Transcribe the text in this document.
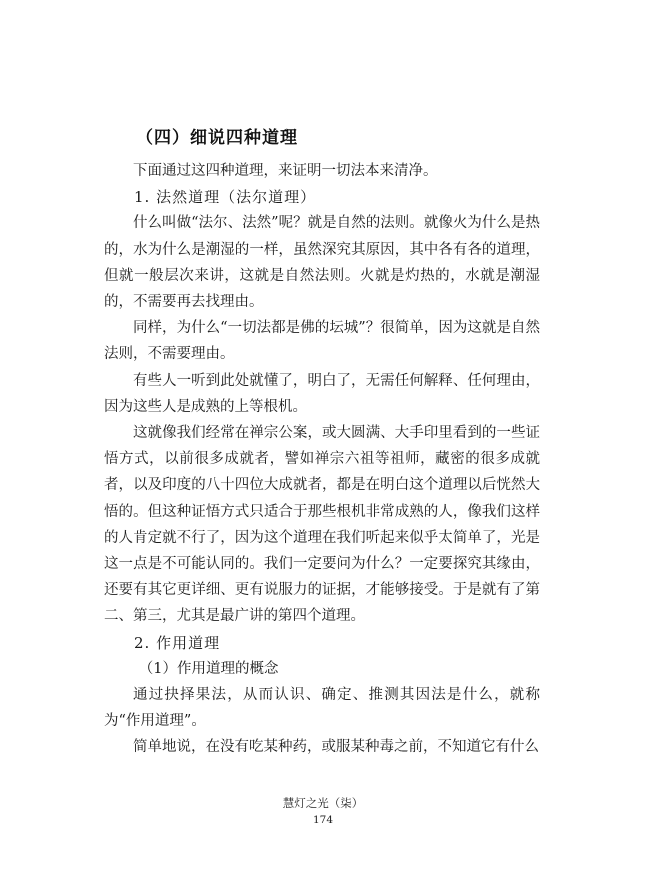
（四）细说四种道理

下面通过这四种道理，来证明一切法本来清净。

1. 法然道理（法尔道理）

什么叫做“法尔、法然”呢？就是自然的法则。就像火为什么是热的，水为什么是潮湿的一样，虽然深究其原因，其中各有各的道理，但就一般层次来讲，这就是自然法则。火就是灼热的，水就是潮湿的，不需要再去找理由。

同样，为什么“一切法都是佛的坛城”？很简单，因为这就是自然法则，不需要理由。

有些人一听到此处就懂了，明白了，无需任何解释、任何理由，因为这些人是成熟的上等根机。

这就像我们经常在禅宗公案，或大圆满、大手印里看到的一些证悟方式，以前很多成就者，譬如禅宗六祖等祖师，藏密的很多成就者，以及印度的八十四位大成就者，都是在明白这个道理以后恍然大悟的。但这种证悟方式只适合于那些根机非常成熟的人，像我们这样的人肯定就不行了，因为这个道理在我们听起来似乎太简单了，光是这一点是不可能认同的。我们一定要问为什么？一定要探究其缘由，还要有其它更详细、更有说服力的证据，才能够接受。于是就有了第二、第三，尤其是最广讲的第四个道理。

2. 作用道理

（1）作用道理的概念

通过抉择果法，从而认识、确定、推测其因法是什么，就称为“作用道理”。

简单地说，在没有吃某种药，或服某种毒之前，不知道它有什么

慧灯之光（柒）
174
